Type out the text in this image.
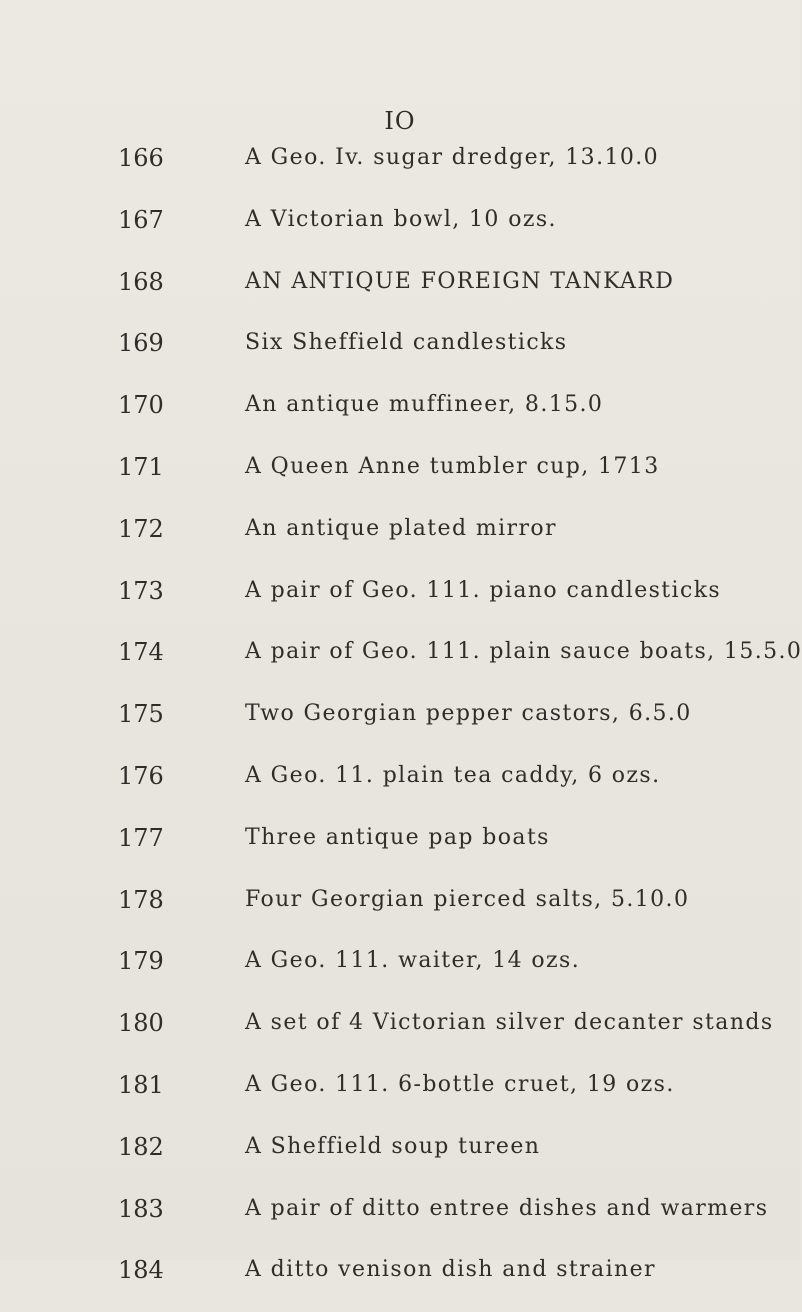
IO
166	A Geo. Iv. sugar dredger, 13.10.0
167	A Victorian bowl, 10 ozs.
168	AN ANTIQUE FOREIGN TANKARD
169	Six Sheffield candlesticks
170	An antique muffineer, 8.15.0
171	A Queen Anne tumbler cup, 1713
172	An antique plated mirror
173	A pair of Geo. 111. piano candlesticks
174	A pair of Geo. 111. plain sauce boats, 15.5.0
175	Two Georgian pepper castors, 6.5.0
176	A Geo. 11. plain tea caddy, 6 ozs.
177	Three antique pap boats
178	Four Georgian pierced salts, 5.10.0
179	A Geo. 111. waiter, 14 ozs.
180	A set of 4 Victorian silver decanter stands
181	A Geo. 111. 6-bottle cruet, 19 ozs.
182	A Sheffield soup tureen
183	A pair of ditto entree dishes and warmers
184	A ditto venison dish and strainer
